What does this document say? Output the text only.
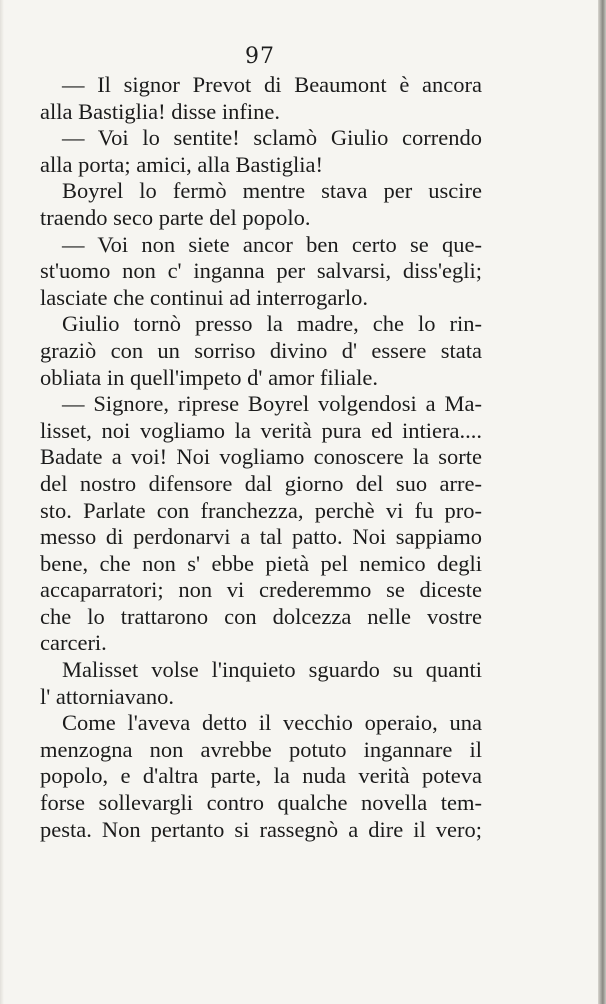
97
— Il signor Prevot di Beaumont è ancora
alla Bastiglia! disse infine.
— Voi lo sentite! sclamò Giulio correndo
alla porta; amici, alla Bastiglia!
Boyrel lo fermò mentre stava per uscire
traendo seco parte del popolo.
— Voi non siete ancor ben certo se que-
st'uomo non c' inganna per salvarsi, diss'egli;
lasciate che continui ad interrogarlo.
Giulio tornò presso la madre, che lo rin-
graziò con un sorriso divino d' essere stata
obliata in quell'impeto d' amor filiale.
— Signore, riprese Boyrel volgendosi a Ma-
lisset, noi vogliamo la verità pura ed intiera....
Badate a voi! Noi vogliamo conoscere la sorte
del nostro difensore dal giorno del suo arre-
sto. Parlate con franchezza, perchè vi fu pro-
messo di perdonarvi a tal patto. Noi sappiamo
bene, che non s' ebbe pietà pel nemico degli
accaparratori; non vi crederemmo se diceste
che lo trattarono con dolcezza nelle vostre
carceri.
Malisset volse l'inquieto sguardo su quanti
l' attorniavano.
Come l'aveva detto il vecchio operaio, una
menzogna non avrebbe potuto ingannare il
popolo, e d'altra parte, la nuda verità poteva
forse sollevargli contro qualche novella tem-
pesta. Non pertanto si rassegnò a dire il vero;
